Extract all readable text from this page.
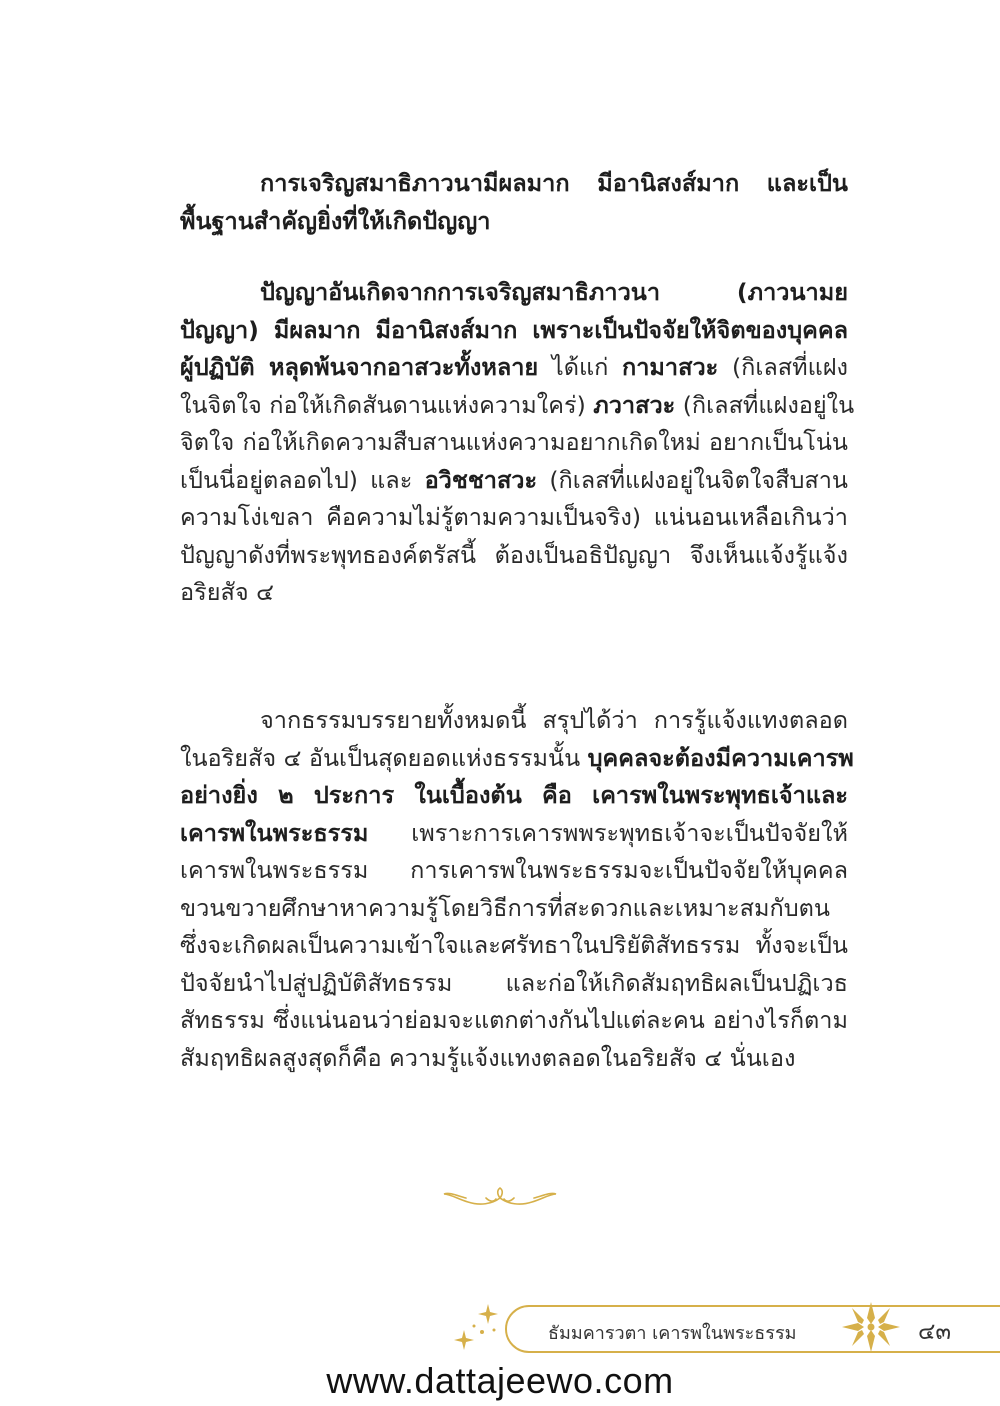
การเจริญสมาธิภาวนามีผลมาก มีอานิสงส์มาก และเป็น
พื้นฐานสำคัญยิ่งที่ให้เกิดปัญญา
ปัญญาอันเกิดจากการเจริญสมาธิภาวนา (ภาวนามย
ปัญญา) มีผลมาก มีอานิสงส์มาก เพราะเป็นปัจจัยให้จิตของบุคคล
ผู้ปฏิบัติ หลุดพ้นจากอาสวะทั้งหลาย ได้แก่ กามาสวะ (กิเลสที่แฝง
ในจิตใจ ก่อให้เกิดสันดานแห่งความใคร่) ภวาสวะ (กิเลสที่แฝงอยู่ใน
จิตใจ ก่อให้เกิดความสืบสานแห่งความอยากเกิดใหม่ อยากเป็นโน่น
เป็นนี่อยู่ตลอดไป) และ อวิชชาสวะ (กิเลสที่แฝงอยู่ในจิตใจสืบสาน
ความโง่เขลา คือความไม่รู้ตามความเป็นจริง) แน่นอนเหลือเกินว่า
ปัญญาดังที่พระพุทธองค์ตรัสนี้ ต้องเป็นอธิปัญญา จึงเห็นแจ้งรู้แจ้ง
อริยสัจ ๔
จากธรรมบรรยายทั้งหมดนี้ สรุปได้ว่า การรู้แจ้งแทงตลอด
ในอริยสัจ ๔ อันเป็นสุดยอดแห่งธรรมนั้น บุคคลจะต้องมีความเคารพ
อย่างยิ่ง ๒ ประการ ในเบื้องต้น คือ เคารพในพระพุทธเจ้าและ
เคารพในพระธรรม เพราะการเคารพพระพุทธเจ้าจะเป็นปัจจัยให้
เคารพในพระธรรม การเคารพในพระธรรมจะเป็นปัจจัยให้บุคคล
ขวนขวายศึกษาหาความรู้โดยวิธีการที่สะดวกและเหมาะสมกับตน
ซึ่งจะเกิดผลเป็นความเข้าใจและศรัทธาในปริยัติสัทธรรม ทั้งจะเป็น
ปัจจัยนำไปสู่ปฏิบัติสัทธรรม และก่อให้เกิดสัมฤทธิผลเป็นปฏิเวธ
สัทธรรม ซึ่งแน่นอนว่าย่อมจะแตกต่างกันไปแต่ละคน อย่างไรก็ตาม
สัมฤทธิผลสูงสุดก็คือ ความรู้แจ้งแทงตลอดในอริยสัจ ๔ นั่นเอง
ธัมมคารวตา เคารพในพระธรรม	๔๓
www.dattajeewo.com
